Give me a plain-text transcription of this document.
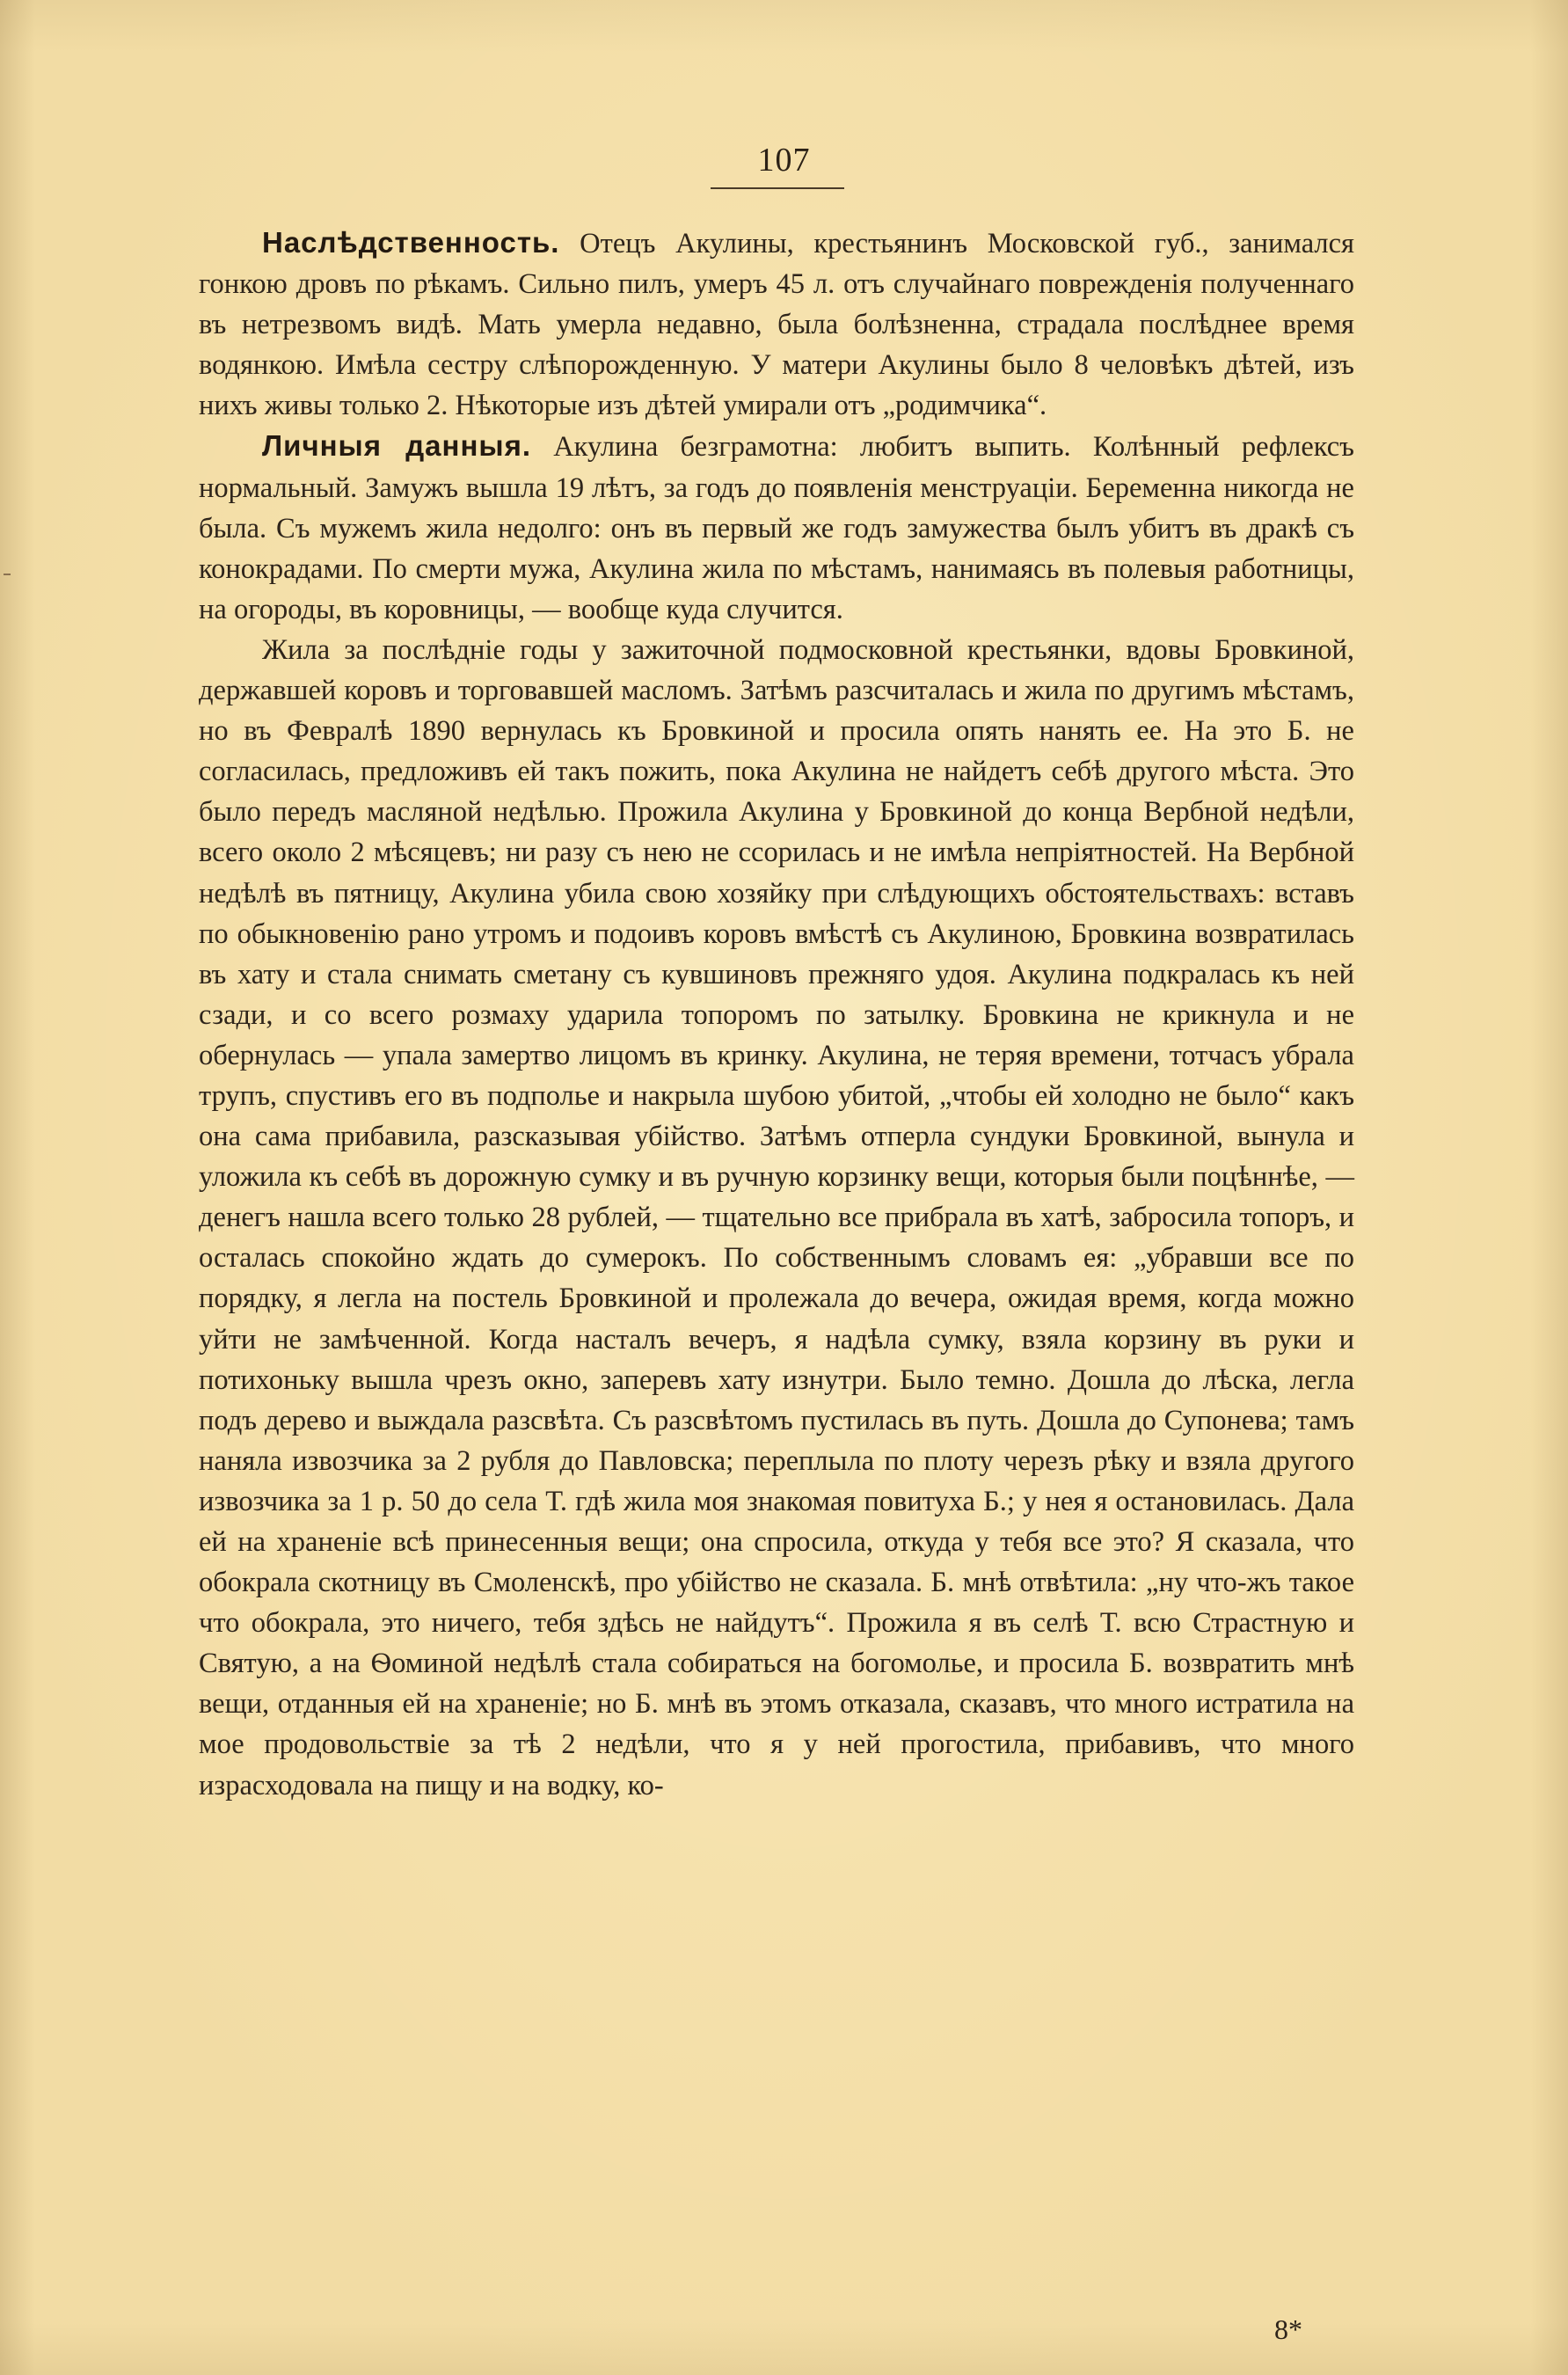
107

Наслѣдственность. Отецъ Акулины, крестьянинъ Московской губ., занимался гонкою дровъ по рѣкамъ. Сильно пилъ, умеръ 45 л. отъ случайнаго поврежденія полученнаго въ нетрезвомъ видѣ. Мать умерла недавно, была болѣзненна, страдала послѣднее время водянкою. Имѣла сестру слѣпорожденную. У матери Акулины было 8 человѣкъ дѣтей, изъ нихъ живы только 2. Нѣкоторые изъ дѣтей умирали отъ „родимчика“.

Личныя данныя. Акулина безграмотна: любитъ выпить. Колѣнный рефлексъ нормальный. Замужъ вышла 19 лѣтъ, за годъ до появленія менструаціи. Беременна никогда не была. Съ мужемъ жила недолго: онъ въ первый же годъ замужества былъ убитъ въ дракѣ съ конокрадами. По смерти мужа, Акулина жила по мѣстамъ, нанимаясь въ полевыя работницы, на огороды, въ коровницы, — вообще куда случится.

Жила за послѣдніе годы у зажиточной подмосковной крестьянки, вдовы Бровкиной, державшей коровъ и торговавшей масломъ. Затѣмъ разсчиталась и жила по другимъ мѣстамъ, но въ Февралѣ 1890 вернулась къ Бровкиной и просила опять нанять ее. На это Б. не согласилась, предложивъ ей такъ пожить, пока Акулина не найдетъ себѣ другого мѣста. Это было передъ масляной недѣлью. Прожила Акулина у Бровкиной до конца Вербной недѣли, всего около 2 мѣсяцевъ; ни разу съ нею не ссорилась и не имѣла непріятностей. На Вербной недѣлѣ въ пятницу, Акулина убила свою хозяйку при слѣдующихъ обстоятельствахъ: вставъ по обыкновенію рано утромъ и подоивъ коровъ вмѣстѣ съ Акулиною, Бровкина возвратилась въ хату и стала снимать сметану съ кувшиновъ прежняго удоя. Акулина подкралась къ ней сзади, и со всего розмаху ударила топоромъ по затылку. Бровкина не крикнула и не обернулась — упала замертво лицомъ въ кринку. Акулина, не теряя времени, тотчасъ убрала трупъ, спустивъ его въ подполье и накрыла шубою убитой, „чтобы ей холодно не было“ какъ она сама прибавила, разсказывая убійство. Затѣмъ отперла сундуки Бровкиной, вынула и уложила къ себѣ въ дорожную сумку и въ ручную корзинку вещи, которыя были поцѣннѣе, — денегъ нашла всего только 28 рублей, — тщательно все прибрала въ хатѣ, забросила топоръ, и осталась спокойно ждать до сумерокъ. По собственнымъ словамъ ея: „убравши все по порядку, я легла на постель Бровкиной и пролежала до вечера, ожидая время, когда можно уйти не замѣченной. Когда насталъ вечеръ, я надѣла сумку, взяла корзину въ руки и потихоньку вышла чрезъ окно, заперевъ хату изнутри. Было темно. Дошла до лѣска, легла подъ дерево и выждала разсвѣта. Съ разсвѣтомъ пустилась въ путь. Дошла до Супонева; тамъ наняла извозчика за 2 рубля до Павловска; переплыла по плоту черезъ рѣку и взяла другого извозчика за 1 р. 50 до села Т. гдѣ жила моя знакомая повитуха Б.; у нея я остановилась. Дала ей на храненіе всѣ принесенныя вещи; она спросила, откуда у тебя все это? Я сказала, что обокрала скотницу въ Смоленскѣ, про убійство не сказала. Б. мнѣ отвѣтила: „ну что-жъ такое что обокрала, это ничего, тебя здѣсь не найдутъ“. Прожила я въ селѣ Т. всю Страстную и Святую, а на Ѳоминой недѣлѣ стала собираться на богомолье, и просила Б. возвратить мнѣ вещи, отданныя ей на храненіе; но Б. мнѣ въ этомъ отказала, сказавъ, что много истратила на мое продовольствіе за тѣ 2 недѣли, что я у ней прогостила, прибавивъ, что много израсходовала на пищу и на водку, ко-

8*
